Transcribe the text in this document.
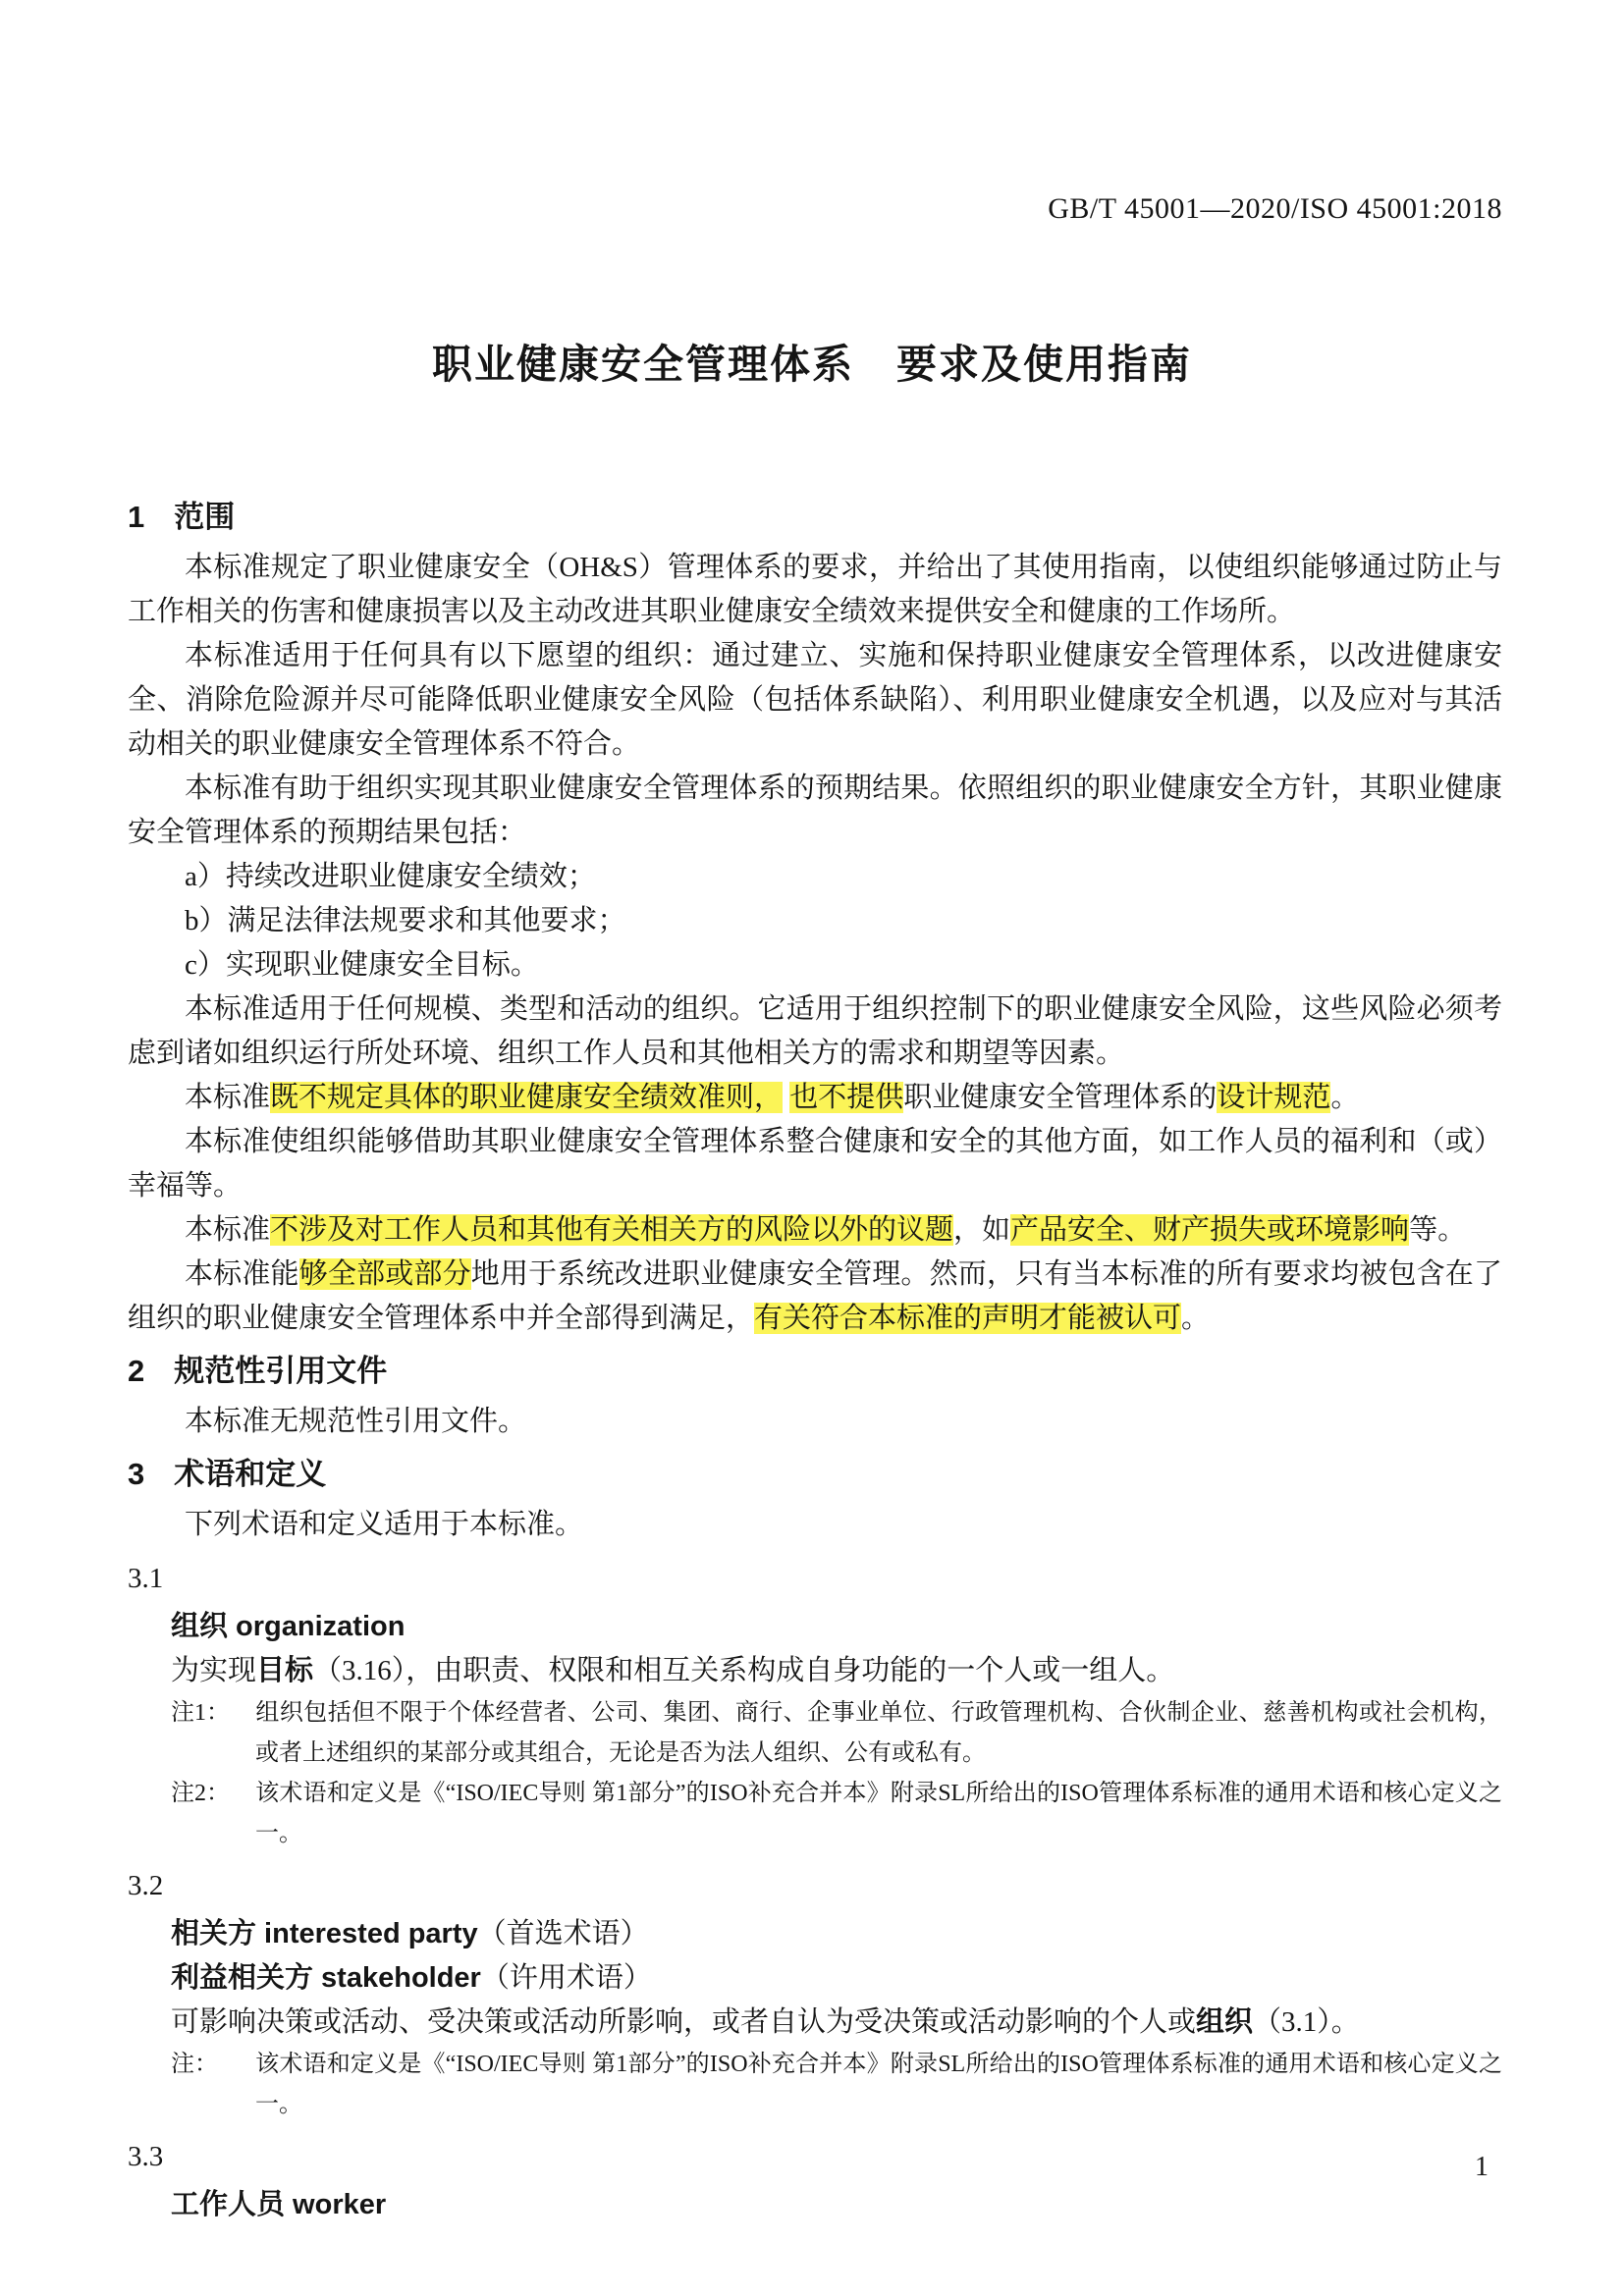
GB/T 45001—2020/ISO 45001:2018
职业健康安全管理体系　要求及使用指南
1 范围

本标准规定了职业健康安全（OH&S）管理体系的要求，并给出了其使用指南，以使组织能够通过防止与工作相关的伤害和健康损害以及主动改进其职业健康安全绩效来提供安全和健康的工作场所。

本标准适用于任何具有以下愿望的组织：通过建立、实施和保持职业健康安全管理体系，以改进健康安全、消除危险源并尽可能降低职业健康安全风险（包括体系缺陷）、利用职业健康安全机遇，以及应对与其活动相关的职业健康安全管理体系不符合。

本标准有助于组织实现其职业健康安全管理体系的预期结果。依照组织的职业健康安全方针，其职业健康安全管理体系的预期结果包括：

a）持续改进职业健康安全绩效；

b）满足法律法规要求和其他要求；

c）实现职业健康安全目标。

本标准适用于任何规模、类型和活动的组织。它适用于组织控制下的职业健康安全风险，这些风险必须考虑到诸如组织运行所处环境、组织工作人员和其他相关方的需求和期望等因素。

本标准既不规定具体的职业健康安全绩效准则， 也不提供职业健康安全管理体系的设计规范。

本标准使组织能够借助其职业健康安全管理体系整合健康和安全的其他方面，如工作人员的福利和（或）幸福等。

本标准不涉及对工作人员和其他有关相关方的风险以外的议题，如产品安全、财产损失或环境影响等。

本标准能够全部或部分地用于系统改进职业健康安全管理。然而，只有当本标准的所有要求均被包含在了组织的职业健康安全管理体系中并全部得到满足，有关符合本标准的声明才能被认可。

2 规范性引用文件

本标准无规范性引用文件。

3 术语和定义

下列术语和定义适用于本标准。

3.1
组织 organization

为实现目标（3.16），由职责、权限和相互关系构成自身功能的一个人或一组人。

注1： 组织包括但不限于个体经营者、公司、集团、商行、企事业单位、行政管理机构、合伙制企业、慈善机构或社会机构，或者上述组织的某部分或其组合，无论是否为法人组织、公有或私有。
注2： 该术语和定义是《“ISO/IEC导则 第1部分”的ISO补充合并本》附录SL所给出的ISO管理体系标准的通用术语和核心定义之一。
3.2
相关方 interested party（首选术语）
利益相关方 stakeholder（许用术语）

可影响决策或活动、受决策或活动所影响，或者自认为受决策或活动影响的个人或组织（3.1）。

注： 该术语和定义是《“ISO/IEC导则 第1部分”的ISO补充合并本》附录SL所给出的ISO管理体系标准的通用术语和核心定义之一。
3.3
工作人员 worker
1
